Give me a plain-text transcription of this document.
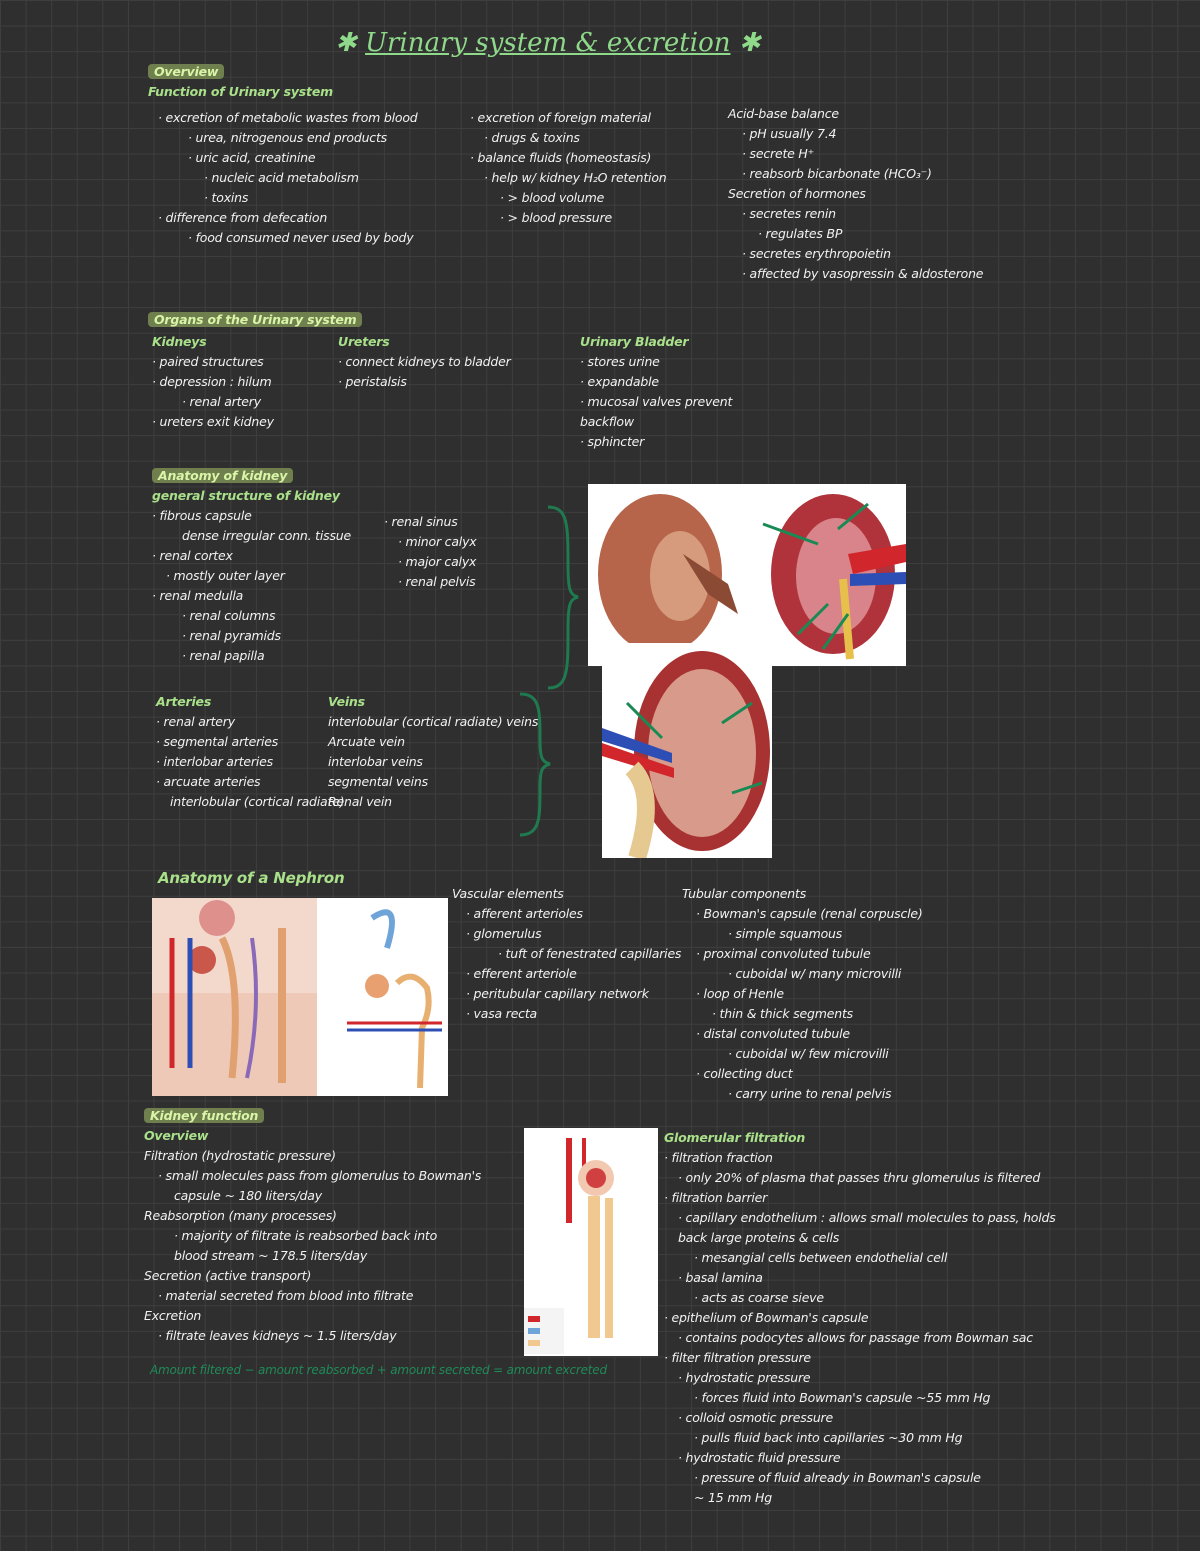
✱ Urinary system & excretion ✱
Overview
Function of Urinary system
· excretion of metabolic wastes from blood
· urea, nitrogenous end products
· uric acid, creatinine
· nucleic acid metabolism
· toxins
· difference from defecation
· food consumed never used by body
· excretion of foreign material
· drugs & toxins
· balance fluids (homeostasis)
· help w/ kidney H₂O retention
· > blood volume
· > blood pressure
Acid-base balance
· pH usually 7.4
· secrete H⁺
· reabsorb bicarbonate (HCO₃⁻)
Secretion of hormones
· secretes renin
· regulates BP
· secretes erythropoietin
· affected by vasopressin & aldosterone
Organs of the Urinary system
Kidneys
· paired structures
· depression : hilum
· renal artery
· ureters exit kidney
Ureters
· connect kidneys to bladder
· peristalsis
Urinary Bladder
· stores urine
· expandable
· mucosal valves prevent
backflow
· sphincter
Anatomy of kidney
general structure of kidney
· fibrous capsule
dense irregular conn. tissue
· renal cortex
· mostly outer layer
· renal medulla
· renal columns
· renal pyramids
· renal papilla
· renal sinus
· minor calyx
· major calyx
· renal pelvis
Arteries
· renal artery
· segmental arteries
· interlobar arteries
· arcuate arteries
interlobular (cortical radiate)
Veins
interlobular (cortical radiate) veins
Arcuate vein
interlobar veins
segmental veins
Renal vein
Anatomy of a Nephron
Vascular elements
· afferent arterioles
· glomerulus
· tuft of fenestrated capillaries
· efferent arteriole
· peritubular capillary network
· vasa recta
Tubular components
· Bowman's capsule (renal corpuscle)
· simple squamous
· proximal convoluted tubule
· cuboidal w/ many microvilli
· loop of Henle
· thin & thick segments
· distal convoluted tubule
· cuboidal w/ few microvilli
· collecting duct
· carry urine to renal pelvis
Kidney function
Overview
Filtration (hydrostatic pressure)
· small molecules pass from glomerulus to Bowman's
capsule ~ 180 liters/day
Reabsorption (many processes)
· majority of filtrate is reabsorbed back into
blood stream ~ 178.5 liters/day
Secretion (active transport)
· material secreted from blood into filtrate
Excretion
· filtrate leaves kidneys ~ 1.5 liters/day
Amount filtered − amount reabsorbed + amount secreted = amount excreted
Glomerular filtration
· filtration fraction
· only 20% of plasma that passes thru glomerulus is filtered
· filtration barrier
· capillary endothelium : allows small molecules to pass, holds
back large proteins & cells
· mesangial cells between endothelial cell
· basal lamina
· acts as coarse sieve
· epithelium of Bowman's capsule
· contains podocytes allows for passage from Bowman sac
· filter filtration pressure
· hydrostatic pressure
· forces fluid into Bowman's capsule ~55 mm Hg
· colloid osmotic pressure
· pulls fluid back into capillaries ~30 mm Hg
· hydrostatic fluid pressure
· pressure of fluid already in Bowman's capsule
~ 15 mm Hg
